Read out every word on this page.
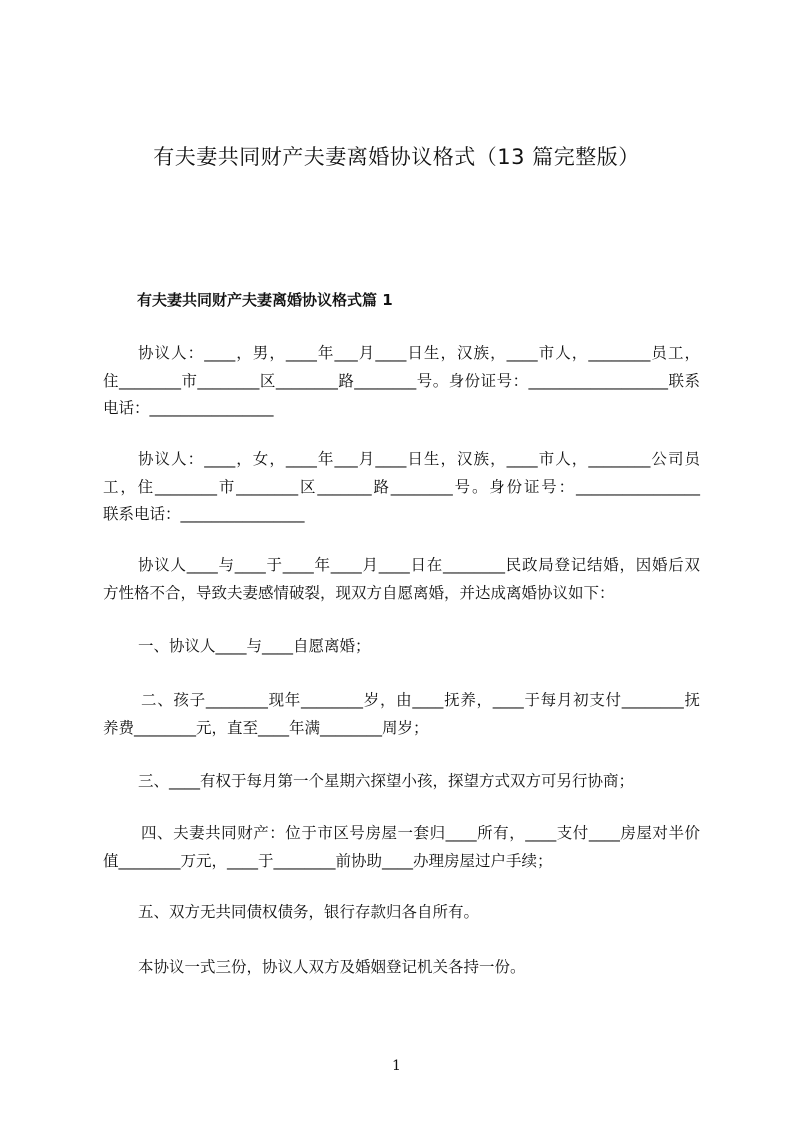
有夫妻共同财产夫妻离婚协议格式（13 篇完整版）
有夫妻共同财产夫妻离婚协议格式篇 1
协议人：____，男，____年___月____日生，汉族，____市人，________员工，
住________市________区________路________号。身份证号：__________________联系
电话：________________
协议人：____，女，____年___月____日生，汉族，____市人，________公司员
工，住________市________区_______路________号。身份证号：________________
联系电话：________________
协议人____与____于____年____月____日在________民政局登记结婚，因婚后双
方性格不合，导致夫妻感情破裂，现双方自愿离婚，并达成离婚协议如下：
一、协议人____与____自愿离婚；
二、孩子________现年________岁，由____抚养，____于每月初支付________抚
养费________元，直至____年满________周岁；
三、____有权于每月第一个星期六探望小孩，探望方式双方可另行协商；
四、夫妻共同财产：位于市区号房屋一套归____所有，____支付____房屋对半价
值________万元，____于________前协助____办理房屋过户手续；
五、双方无共同债权债务，银行存款归各自所有。
本协议一式三份，协议人双方及婚姻登记机关各持一份。
1
